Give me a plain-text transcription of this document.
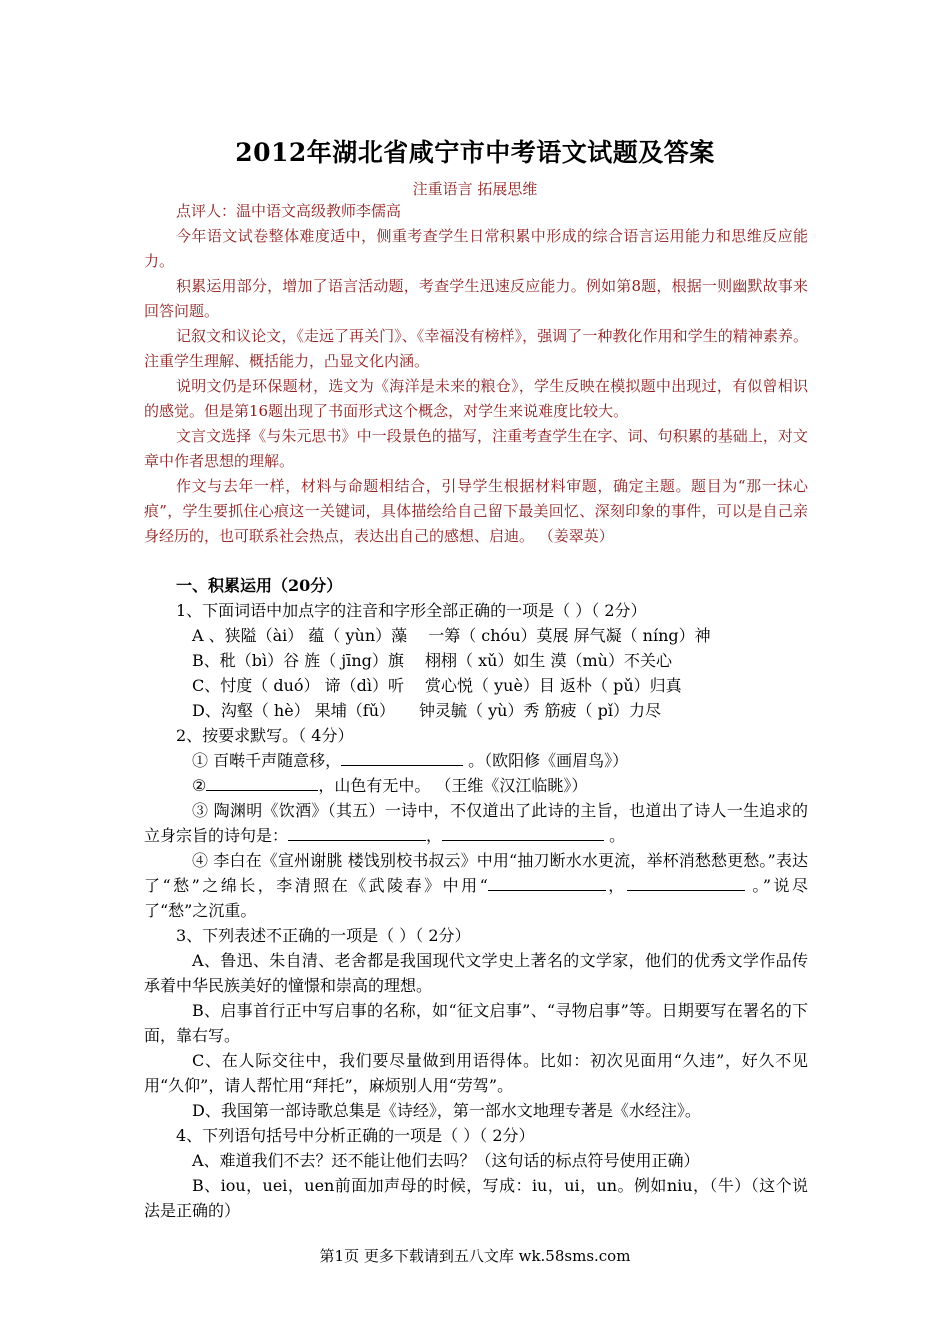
2012年湖北省咸宁市中考语文试题及答案
注重语言 拓展思维

点评人：温中语文高级教师李儒高

今年语文试卷整体难度适中，侧重考查学生日常积累中形成的综合语言运用能力和思维反应能力。

积累运用部分，增加了语言活动题，考查学生迅速反应能力。例如第8题，根据一则幽默故事来回答问题。

记叙文和议论文，《走远了再关门》、《幸福没有榜样》，强调了一种教化作用和学生的精神素养。注重学生理解、概括能力，凸显文化内涵。

说明文仍是环保题材，选文为《海洋是未来的粮仓》，学生反映在模拟题中出现过，有似曾相识的感觉。但是第16题出现了书面形式这个概念，对学生来说难度比较大。

文言文选择《与朱元思书》中一段景色的描写，注重考查学生在字、词、句积累的基础上，对文章中作者思想的理解。

作文与去年一样，材料与命题相结合，引导学生根据材料审题，确定主题。题目为“那一抹心痕”，学生要抓住心痕这一关键词，具体描绘给自己留下最美回忆、深刻印象的事件，可以是自己亲身经历的，也可联系社会热点，表达出自己的感想、启迪。 （姜翠英）

一、积累运用（20分）

1、下面词语中加点字的注音和字形全部正确的一项是（ ）（ 2分）

A 、狭隘（ài） 蕴（ yùn）藻　 一筹（ chóu）莫展 屏气凝（ níng）神

B、秕（bì）谷 旌（ jīng）旗　 栩栩（ xǔ）如生 漠（mù）不关心

C、忖度（ duó） 谛（dì）听　 赏心悦（ yuè）目 返朴（ pǔ）归真

D、沟壑（ hè） 果埔（fǔ）　　钟灵毓（ yù）秀 筋疲（ pǐ）力尽

2、按要求默写。（ 4分）

① 百啭千声随意移，	。（欧阳修《画眉鸟》）

②	，山色有无中。 （王维《汉江临眺》）

③ 陶渊明《饮酒》（其五）一诗中，不仅道出了此诗的主旨，也道出了诗人一生追求的立身宗旨的诗句是：	，	。

④ 李白在《宣州谢朓 楼饯别校书叔云》中用“抽刀断水水更流，举杯消愁愁更愁。”表达了“愁”之绵长，李清照在《武陵春》中用“	，	。”说尽了“愁”之沉重。

3、下列表述不正确的一项是（ ）（ 2分）

A、鲁迅、朱自清、老舍都是我国现代文学史上著名的文学家，他们的优秀文学作品传承着中华民族美好的憧憬和崇高的理想。

B、启事首行正中写启事的名称，如“征文启事”、“寻物启事”等。日期要写在署名的下面，靠右写。

C、在人际交往中，我们要尽量做到用语得体。比如：初次见面用“久违”，好久不见用“久仰”，请人帮忙用“拜托”，麻烦别人用“劳驾”。

D、我国第一部诗歌总集是《诗经》，第一部水文地理专著是《水经注》。

4、下列语句括号中分析正确的一项是（ ）（ 2分）

A、难道我们不去？还不能让他们去吗？（这句话的标点符号使用正确）

B、iou，uei，uen前面加声母的时候，写成：iu，ui，un。例如niu，（牛）（这个说法是正确的）

第1页 更多下载请到五八文库 wk.58sms.com
